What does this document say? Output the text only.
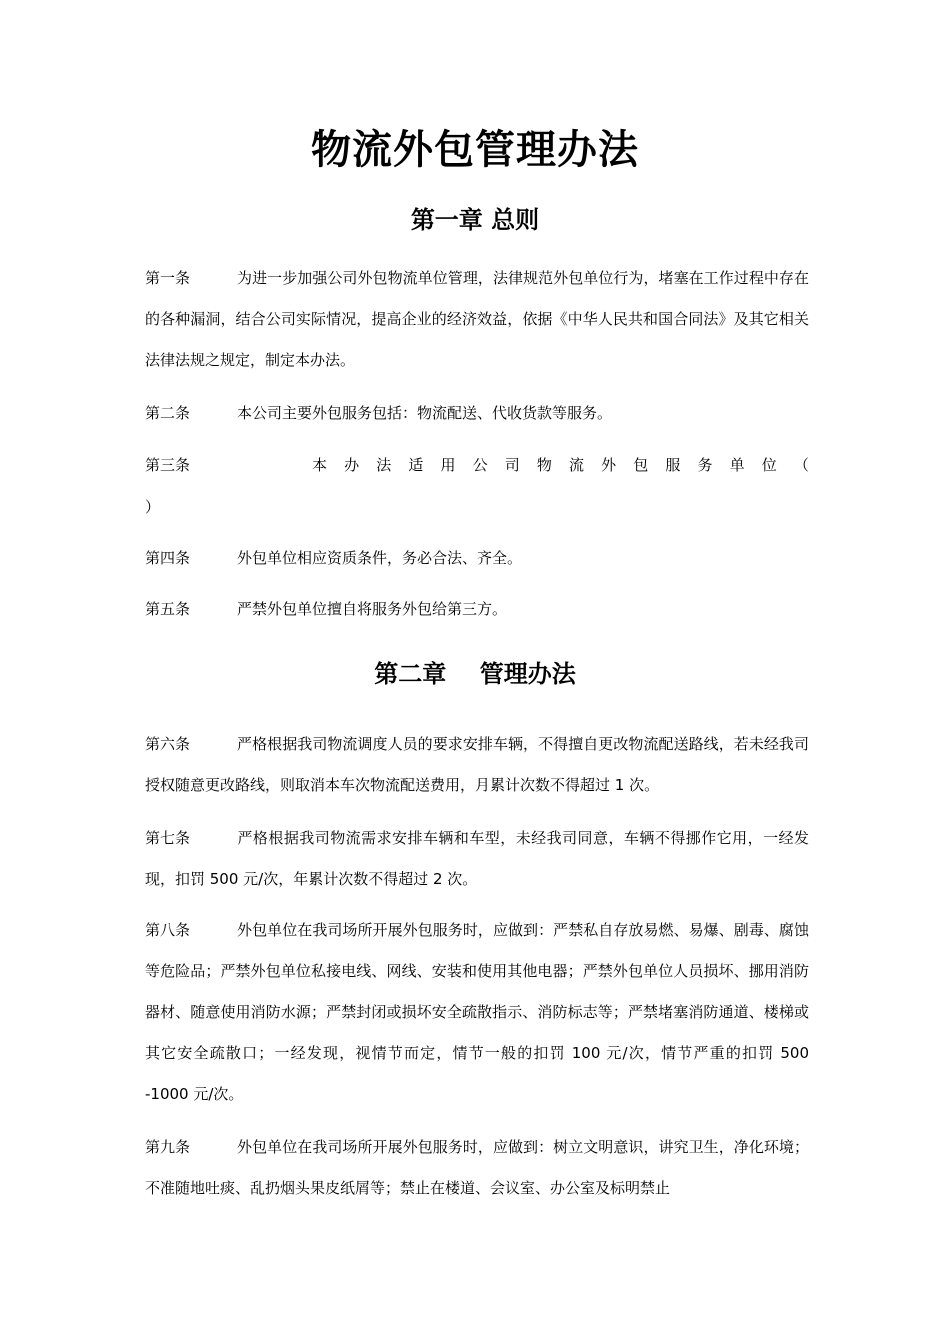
物流外包管理办法
第一章 总则
第一条	为进一步加强公司外包物流单位管理，法律规范外包单位行为，堵塞在工作过程中存在的各种漏洞，结合公司实际情况，提高企业的经济效益，依据《中华人民共和国合同法》及其它相关法律法规之规定，制定本办法。
第二条	本公司主要外包服务包括：物流配送、代收货款等服务。
第三条	本 办 法 适 用 公 司 物 流 外 包 服 务 单 位 （
）
第四条	外包单位相应资质条件，务必合法、齐全。
第五条	严禁外包单位擅自将服务外包给第三方。
第二章    管理办法
第六条	严格根据我司物流调度人员的要求安排车辆，不得擅自更改物流配送路线，若未经我司授权随意更改路线，则取消本车次物流配送费用，月累计次数不得超过 1 次。
第七条	严格根据我司物流需求安排车辆和车型，未经我司同意，车辆不得挪作它用，一经发现，扣罚 500 元/次，年累计次数不得超过 2 次。
第八条	外包单位在我司场所开展外包服务时，应做到：严禁私自存放易燃、易爆、剧毒、腐蚀等危险品；严禁外包单位私接电线、网线、安装和使用其他电器；严禁外包单位人员损坏、挪用消防器材、随意使用消防水源；严禁封闭或损坏安全疏散指示、消防标志等；严禁堵塞消防通道、楼梯或其它安全疏散口；一经发现，视情节而定，情节一般的扣罚 100 元/次，情节严重的扣罚 500 -1000 元/次。
第九条	外包单位在我司场所开展外包服务时，应做到：树立文明意识，讲究卫生，净化环境；不准随地吐痰、乱扔烟头果皮纸屑等；禁止在楼道、会议室、办公室及标明禁止
